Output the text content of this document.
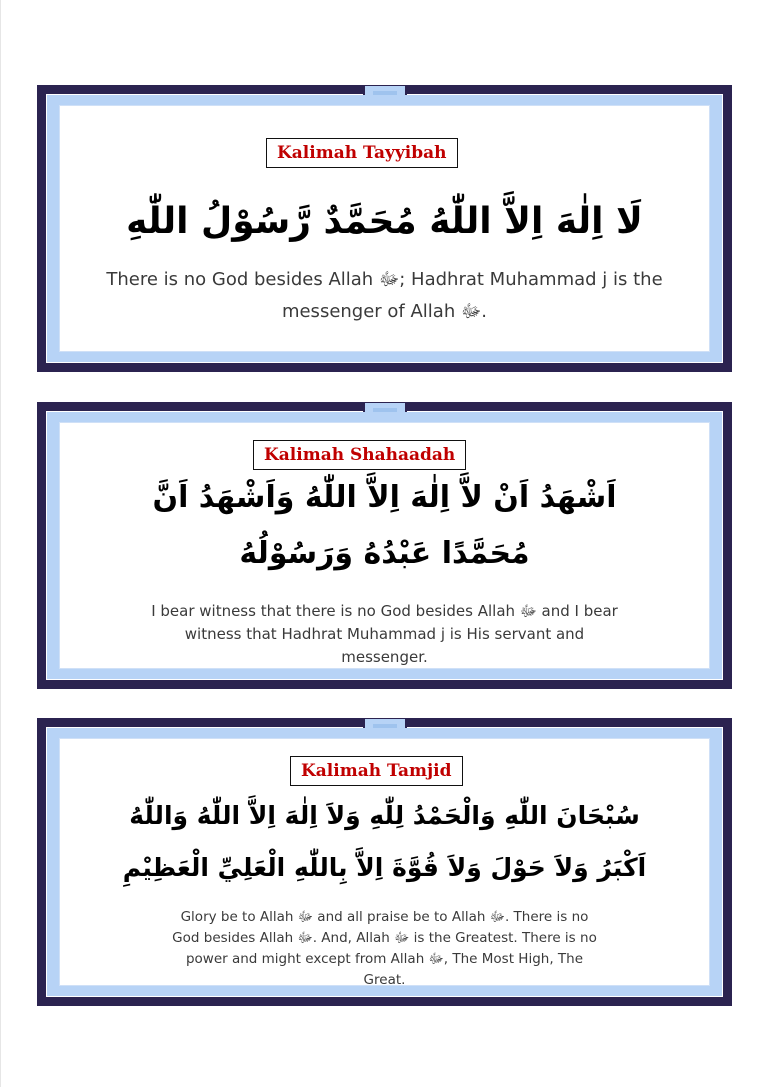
Kalimah Tayyibah
لَا اِلٰهَ اِلاَّ اللّٰهُ مُحَمَّدٌ رَّسُوْلُ اللّٰهِ

There is no God besides Allah ﷻ; Hadhrat Muhammad j is the

messenger of Allah ﷻ.

Kalimah Shahaadah
اَشْهَدُ اَنْ لاَّ اِلٰهَ اِلاَّ اللّٰهُ وَاَشْهَدُ اَنَّ
مُحَمَّدًا عَبْدُهُ وَرَسُوْلُهُ

I bear witness that there is no God besides Allah ﷻ and I bear

witness that Hadhrat Muhammad j is His servant and

messenger.

Kalimah Tamjid
سُبْحَانَ اللّٰهِ وَالْحَمْدُ لِلّٰهِ وَلاَ اِلٰهَ اِلاَّ اللّٰهُ وَاللّٰهُ
اَكْبَرُ وَلاَ حَوْلَ وَلاَ قُوَّةَ اِلاَّ بِاللّٰهِ الْعَلِيِّ الْعَظِيْمِ

Glory be to Allah ﷻ and all praise be to Allah ﷻ. There is no

God besides Allah ﷻ. And, Allah ﷻ is the Greatest. There is no

power and might except from Allah ﷻ, The Most High, The

Great.
